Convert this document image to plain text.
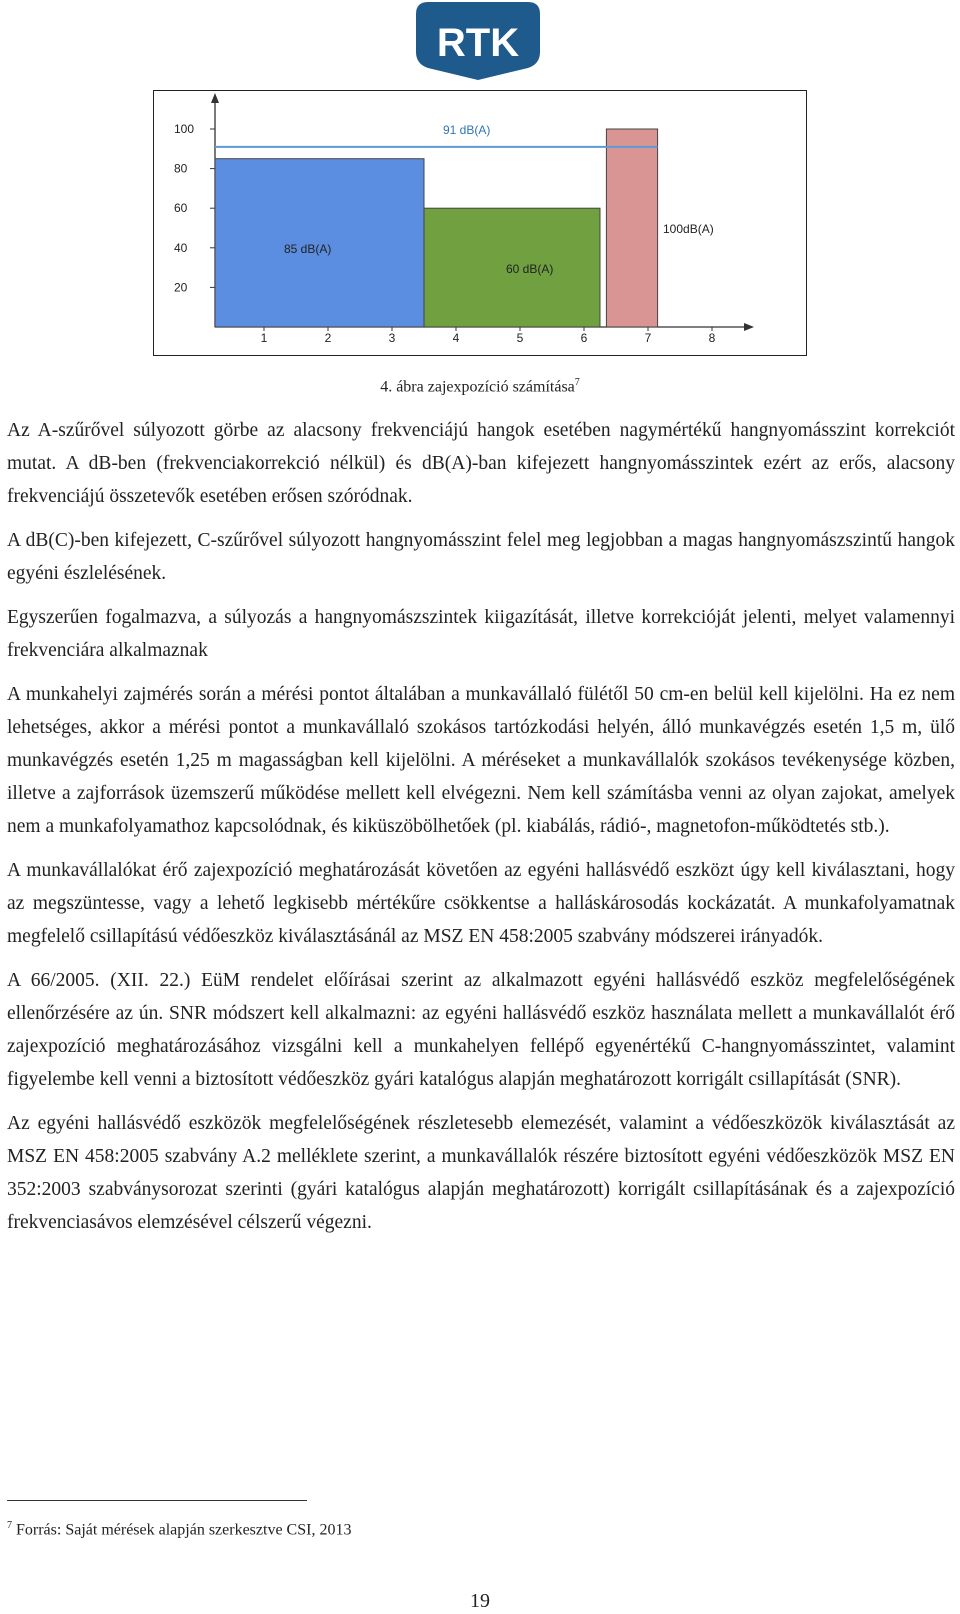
RTK
20
40
60
80
100
1	2	3	4	5	6	7	8
85 dB(A)
60 dB(A)
100dB(A)
91 dB(A)
4. ábra zajexpozíció számítása$^7$

Az A-szűrővel súlyozott görbe az alacsony frekvenciájú hangok esetében nagymértékű hangnyomásszint korrekciót mutat. A dB-ben (frekvenciakorrekció nélkül) és dB(A)-ban kifejezett hangnyomásszintek ezért az erős, alacsony frekvenciájú összetevők esetében erősen szóródnak.

A dB(C)-ben kifejezett, C-szűrővel súlyozott hangnyomásszint felel meg legjobban a magas hangnyomászszintű hangok egyéni észlelésének.

Egyszerűen fogalmazva, a súlyozás a hangnyomászszintek kiigazítását, illetve korrekcióját jelenti, melyet valamennyi frekvenciára alkalmaznak

A munkahelyi zajmérés során a mérési pontot általában a munkavállaló fülétől 50 cm-en belül kell kijelölni. Ha ez nem lehetséges, akkor a mérési pontot a munkavállaló szokásos tartózkodási helyén, álló munkavégzés esetén 1,5 m, ülő munkavégzés esetén 1,25 m magasságban kell kijelölni. A méréseket a munkavállalók szokásos tevékenysége közben, illetve a zajforrások üzemszerű működése mellett kell elvégezni. Nem kell számításba venni az olyan zajokat, amelyek nem a munkafolyamathoz kapcsolódnak, és kiküszöbölhetőek (pl. kiabálás, rádió-, magnetofon-működtetés stb.).

A munkavállalókat érő zajexpozíció meghatározását követően az egyéni hallásvédő eszközt úgy kell kiválasztani, hogy az megszüntesse, vagy a lehető legkisebb mértékűre csökkentse a halláskárosodás kockázatát. A munkafolyamatnak megfelelő csillapítású védőeszköz kiválasztásánál az MSZ EN 458:2005 szabvány módszerei irányadók.

A 66/2005. (XII. 22.) EüM rendelet előírásai szerint az alkalmazott egyéni hallásvédő eszköz megfelelőségének ellenőrzésére az ún. SNR módszert kell alkalmazni: az egyéni hallásvédő eszköz használata mellett a munkavállalót érő zajexpozíció meghatározásához vizsgálni kell a munkahelyen fellépő egyenértékű C-hangnyomásszintet, valamint figyelembe kell venni a biztosított védőeszköz gyári katalógus alapján meghatározott korrigált csillapítását (SNR).

Az egyéni hallásvédő eszközök megfelelőségének részletesebb elemezését, valamint a védőeszközök kiválasztását az MSZ EN 458:2005 szabvány A.2 melléklete szerint, a munkavállalók részére biztosított egyéni védőeszközök MSZ EN 352:2003 szabványsorozat szerinti (gyári katalógus alapján meghatározott) korrigált csillapításának és a zajexpozíció frekvenciasávos elemzésével célszerű végezni.

$^7$ Forrás: Saját mérések alapján szerkesztve CSI, 2013
19
